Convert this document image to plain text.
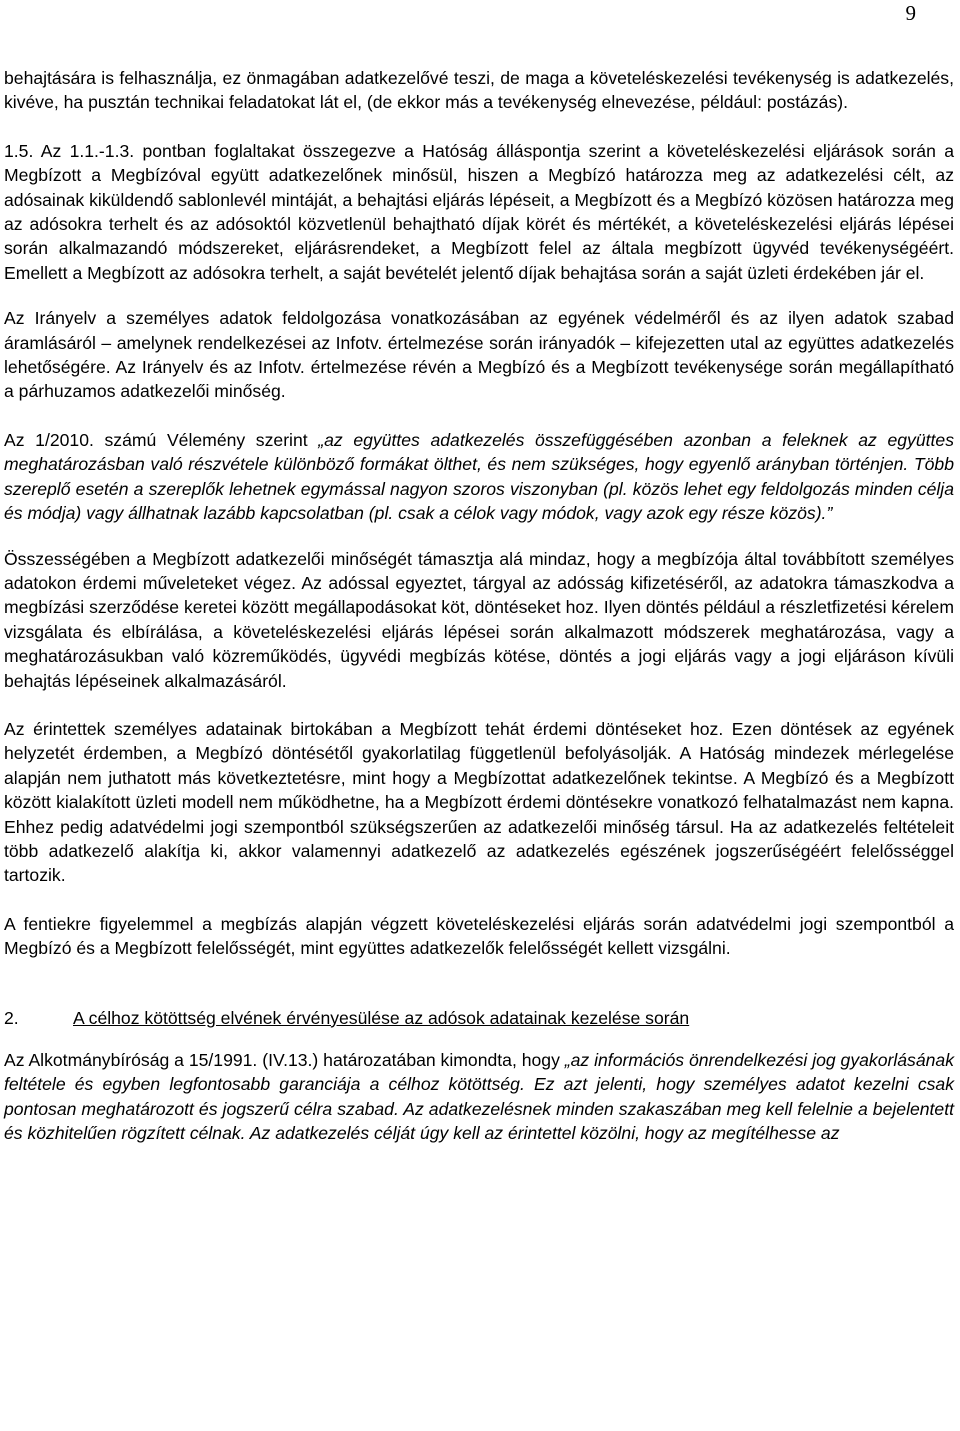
9

behajtására is felhasználja, ez önmagában adatkezelővé teszi, de maga a követeléskezelési tevékenység is adatkezelés, kivéve, ha pusztán technikai feladatokat lát el, (de ekkor más a tevékenység elnevezése, például: postázás).

1.5. Az 1.1.-1.3. pontban foglaltakat összegezve a Hatóság álláspontja szerint a követeléskezelési eljárások során a Megbízott a Megbízóval együtt adatkezelőnek minősül, hiszen a Megbízó határozza meg az adatkezelési célt, az adósainak kiküldendő sablonlevél mintáját, a behajtási eljárás lépéseit, a Megbízott és a Megbízó közösen határozza meg az adósokra terhelt és az adósoktól közvetlenül behajtható díjak körét és mértékét, a követeléskezelési eljárás lépései során alkalmazandó módszereket, eljárásrendeket, a Megbízott felel az általa megbízott ügyvéd tevékenységéért. Emellett a Megbízott az adósokra terhelt, a saját bevételét jelentő díjak behajtása során a saját üzleti érdekében jár el.

Az Irányelv a személyes adatok feldolgozása vonatkozásában az egyének védelméről és az ilyen adatok szabad áramlásáról – amelynek rendelkezései az Infotv. értelmezése során irányadók – kifejezetten utal az együttes adatkezelés lehetőségére. Az Irányelv és az Infotv. értelmezése révén a Megbízó és a Megbízott tevékenysége során megállapítható a párhuzamos adatkezelői minőség.

Az 1/2010. számú Vélemény szerint „az együttes adatkezelés összefüggésében azonban a feleknek az együttes meghatározásban való részvétele különböző formákat ölthet, és nem szükséges, hogy egyenlő arányban történjen. Több szereplő esetén a szereplők lehetnek egymással nagyon szoros viszonyban (pl. közös lehet egy feldolgozás minden célja és módja) vagy állhatnak lazább kapcsolatban (pl. csak a célok vagy módok, vagy azok egy része közös).”

Összességében a Megbízott adatkezelői minőségét támasztja alá mindaz, hogy a megbízója által továbbított személyes adatokon érdemi műveleteket végez. Az adóssal egyeztet, tárgyal az adósság kifizetéséről, az adatokra támaszkodva a megbízási szerződése keretei között megállapodásokat köt, döntéseket hoz. Ilyen döntés például a részletfizetési kérelem vizsgálata és elbírálása, a követeléskezelési eljárás lépései során alkalmazott módszerek meghatározása, vagy a meghatározásukban való közreműködés, ügyvédi megbízás kötése, döntés a jogi eljárás vagy a jogi eljáráson kívüli behajtás lépéseinek alkalmazásáról.

Az érintettek személyes adatainak birtokában a Megbízott tehát érdemi döntéseket hoz. Ezen döntések az egyének helyzetét érdemben, a Megbízó döntésétől gyakorlatilag függetlenül befolyásolják. A Hatóság mindezek mérlegelése alapján nem juthatott más következtetésre, mint hogy a Megbízottat adatkezelőnek tekintse. A Megbízó és a Megbízott között kialakított üzleti modell nem működhetne, ha a Megbízott érdemi döntésekre vonatkozó felhatalmazást nem kapna. Ehhez pedig adatvédelmi jogi szempontból szükségszerűen az adatkezelői minőség társul. Ha az adatkezelés feltételeit több adatkezelő alakítja ki, akkor valamennyi adatkezelő az adatkezelés egészének jogszerűségéért felelősséggel tartozik.

A fentiekre figyelemmel a megbízás alapján végzett követeléskezelési eljárás során adatvédelmi jogi szempontból a Megbízó és a Megbízott felelősségét, mint együttes adatkezelők felelősségét kellett vizsgálni.

2.	A célhoz kötöttség elvének érvényesülése az adósok adatainak kezelése során

Az Alkotmánybíróság a 15/1991. (IV.13.) határozatában kimondta, hogy „az információs önrendelkezési jog gyakorlásának feltétele és egyben legfontosabb garanciája a célhoz kötöttség. Ez azt jelenti, hogy személyes adatot kezelni csak pontosan meghatározott és jogszerű célra szabad. Az adatkezelésnek minden szakaszában meg kell felelnie a bejelentett és közhitelűen rögzített célnak. Az adatkezelés célját úgy kell az érintettel közölni, hogy az megítélhesse az
